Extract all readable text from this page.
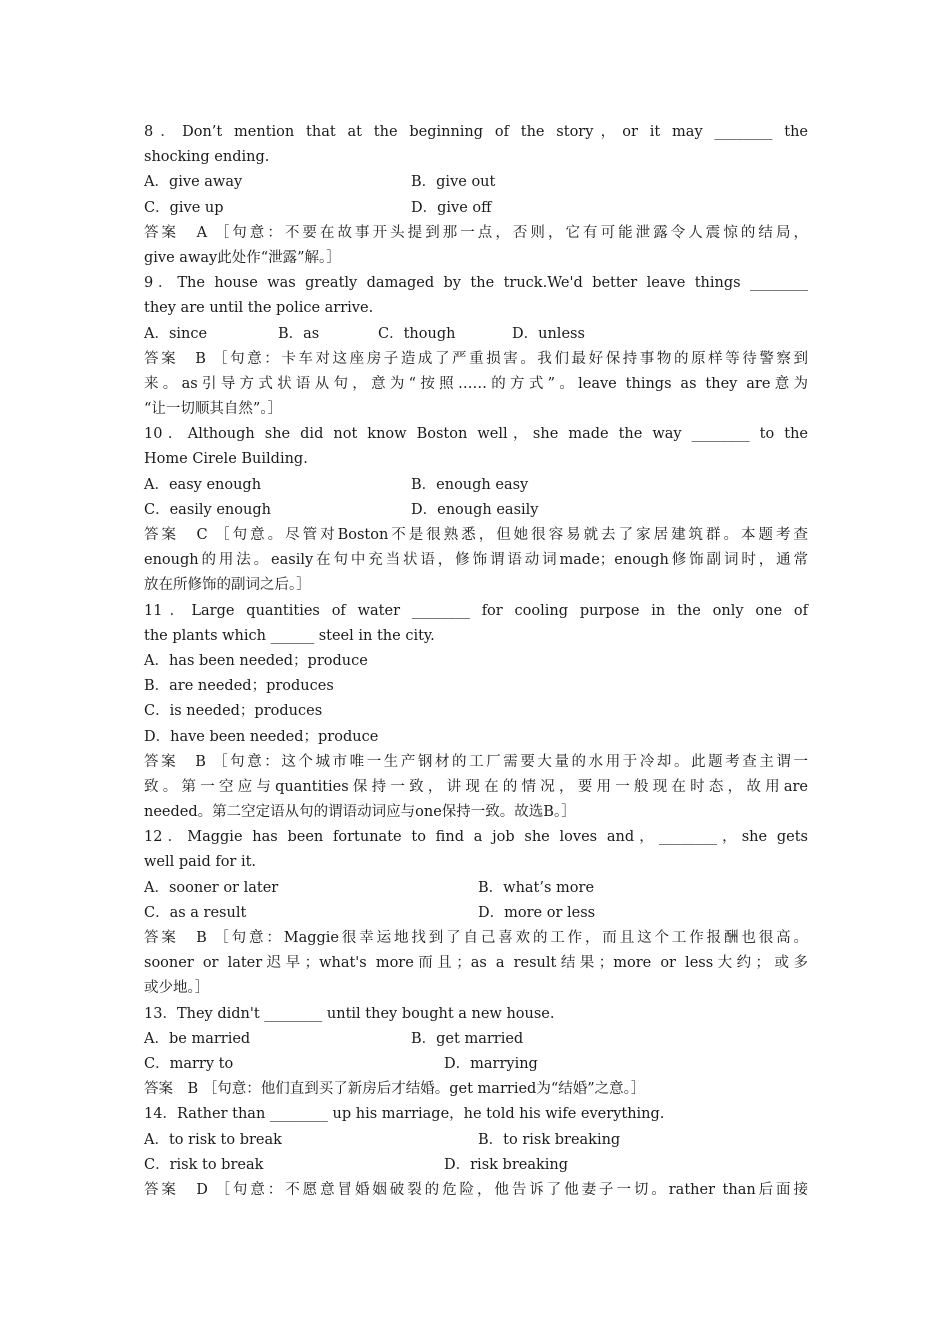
8．Don’t mention that at the beginning of the story，or it may ________ the
shocking ending.
A．give away	B．give out
C．give up	D．give off
答案　A ［句意：不要在故事开头提到那一点，否则，它有可能泄露令人震惊的结局，
give away此处作“泄露”解。］
9．The house was greatly damaged by the truck.We'd better leave things ________
they are until the police arrive.
A．since	B．as	C．though	D．unless
答案　B ［句意：卡车对这座房子造成了严重损害。我们最好保持事物的原样等待警察到
来。as引导方式状语从句，意为“按照……的方式”。leave things as they are意为
“让一切顺其自然”。］
10．Although she did not know Boston well，she made the way ________ to the
Home Cirele Building.
A．easy enough	B．enough easy
C．easily enough	D．enough easily
答案　C ［句意。尽管对Boston不是很熟悉，但她很容易就去了家居建筑群。本题考查
enough的用法。easily在句中充当状语，修饰谓语动词made；enough修饰副词时，通常
放在所修饰的副词之后。］
11．Large quantities of water ________ for cooling purpose in the only one of
the plants which ______ steel in the city.
A．has been needed；produce
B．are needed；produces
C．is needed；produces
D．have been needed；produce
答案　B ［句意：这个城市唯一生产钢材的工厂需要大量的水用于冷却。此题考查主谓一
致。第一空应与quantities保持一致，讲现在的情况，要用一般现在时态，故用are
needed。第二空定语从句的谓语动词应与one保持一致。故选B。］
12．Maggie has been fortunate to find a job she loves and，________，she gets
well paid for it.
A．sooner or later	B．what’s more
C．as a result	D．more or less
答案　B ［句意：Maggie很幸运地找到了自己喜欢的工作，而且这个工作报酬也很高。
sooner or later迟早；what's more而且；as a result结果；more or less大约；或多
或少地。］
13．They didn't ________ until they bought a new house.
A．be married	B．get married
C．marry to	D．marrying
答案　B ［句意：他们直到买了新房后才结婚。get married为“结婚”之意。］
14．Rather than ________ up his marriage，he told his wife everything.
A．to risk to break	B．to risk breaking
C．risk to break	D．risk breaking
答案　D ［句意：不愿意冒婚姻破裂的危险，他告诉了他妻子一切。rather than后面接
